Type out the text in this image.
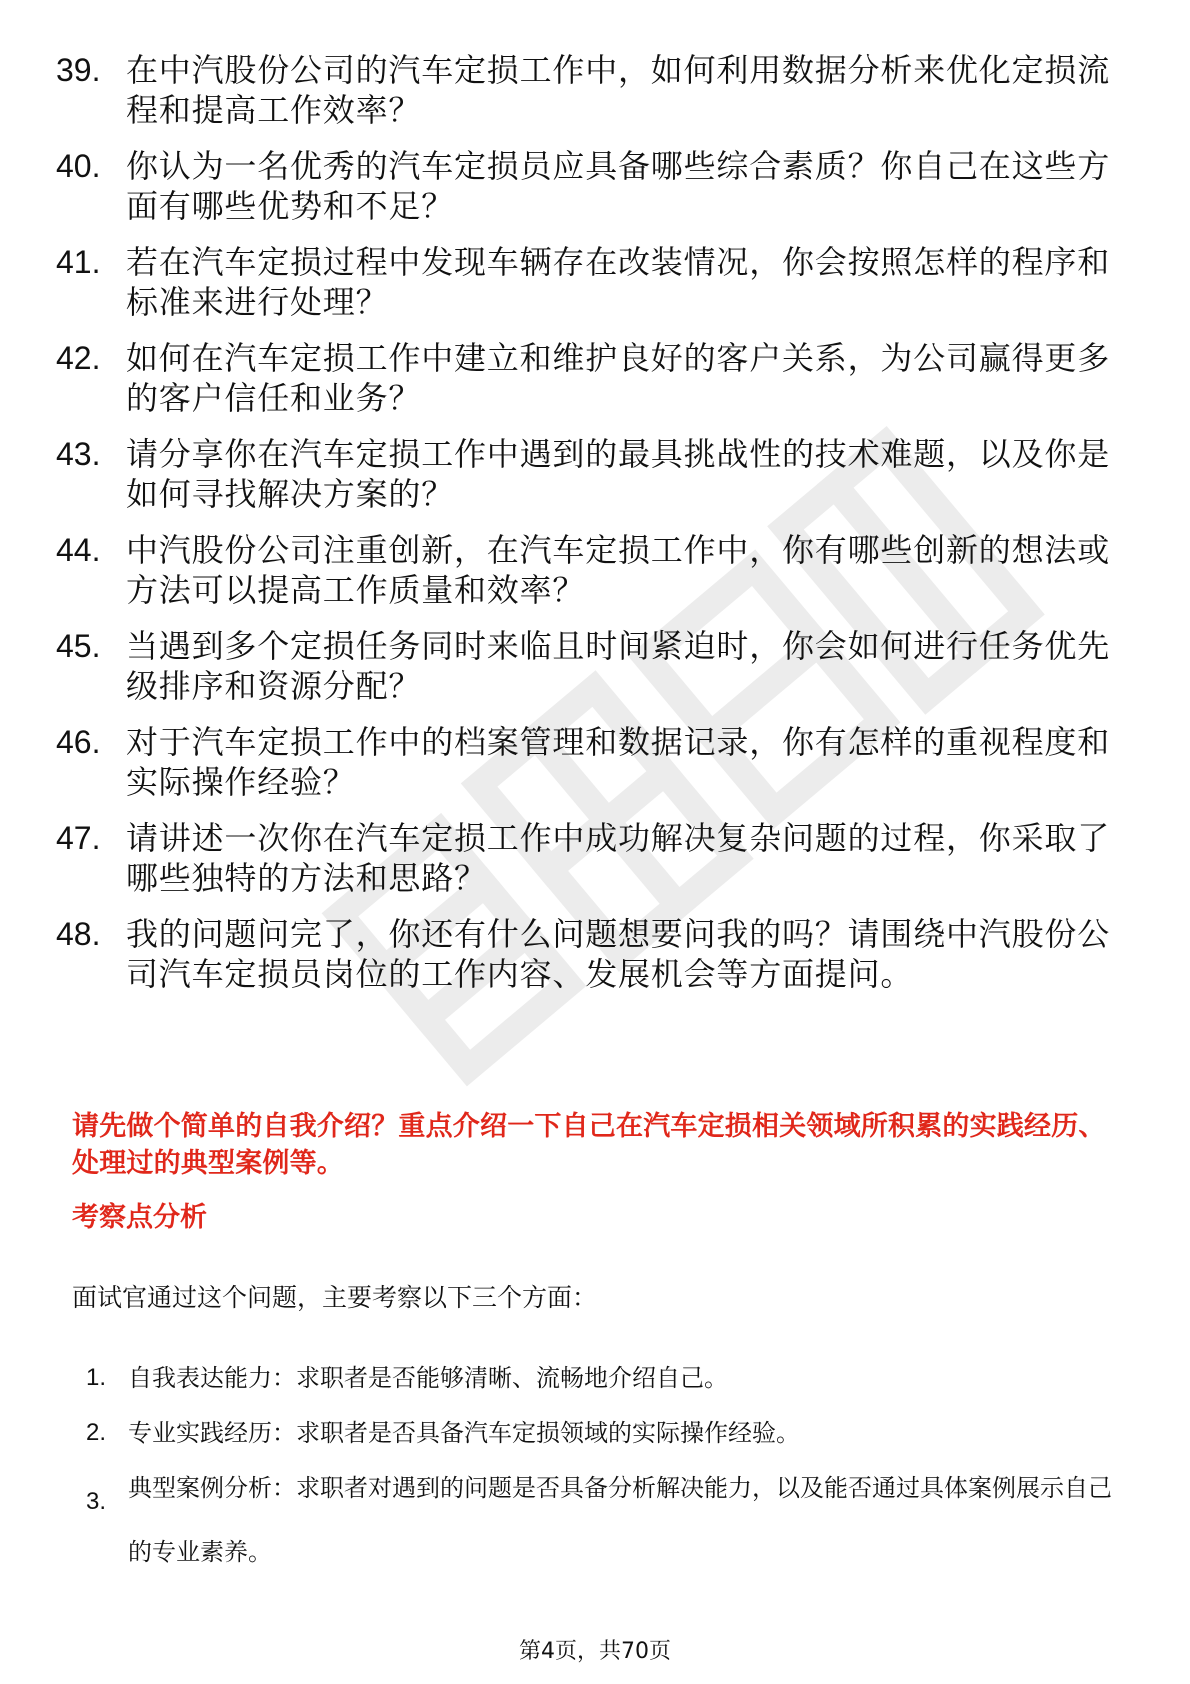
39. 在中汽股份公司的汽车定损工作中，如何利用数据分析来优化定损流程和提高工作效率？
40. 你认为一名优秀的汽车定损员应具备哪些综合素质？你自己在这些方面有哪些优势和不足？
41. 若在汽车定损过程中发现车辆存在改装情况，你会按照怎样的程序和标准来进行处理？
42. 如何在汽车定损工作中建立和维护良好的客户关系，为公司赢得更多的客户信任和业务？
43. 请分享你在汽车定损工作中遇到的最具挑战性的技术难题，以及你是如何寻找解决方案的？
44. 中汽股份公司注重创新，在汽车定损工作中，你有哪些创新的想法或方法可以提高工作质量和效率？
45. 当遇到多个定损任务同时来临且时间紧迫时，你会如何进行任务优先级排序和资源分配？
46. 对于汽车定损工作中的档案管理和数据记录，你有怎样的重视程度和实际操作经验？
47. 请讲述一次你在汽车定损工作中成功解决复杂问题的过程，你采取了哪些独特的方法和思路？
48. 我的问题问完了，你还有什么问题想要问我的吗？请围绕中汽股份公司汽车定损员岗位的工作内容、发展机会等方面提问。

请先做个简单的自我介绍？重点介绍一下自己在汽车定损相关领域所积累的实践经历、处理过的典型案例等。

考察点分析

面试官通过这个问题，主要考察以下三个方面：

1. 自我表达能力：求职者是否能够清晰、流畅地介绍自己。
2. 专业实践经历：求职者是否具备汽车定损领域的实际操作经验。
3. 典型案例分析：求职者对遇到的问题是否具备分析解决能力，以及能否通过具体案例展示自己的专业素养。
第4页，共70页
